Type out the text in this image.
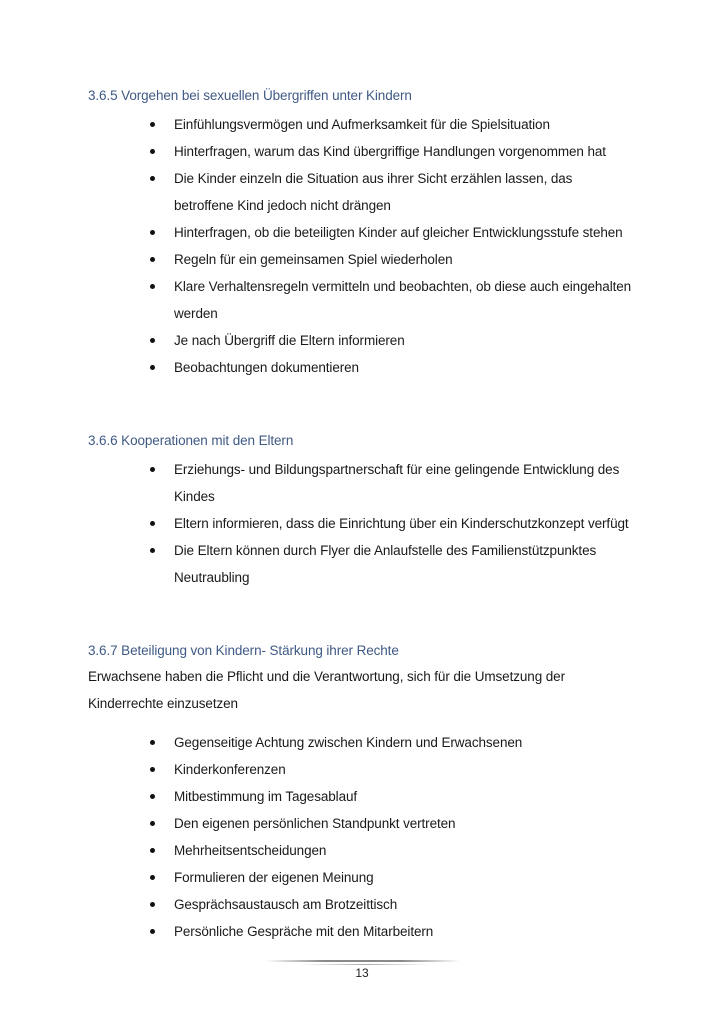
3.6.5 Vorgehen bei sexuellen Übergriffen unter Kindern
Einfühlungsvermögen und Aufmerksamkeit für die Spielsituation
Hinterfragen, warum das Kind übergriffige Handlungen vorgenommen hat
Die Kinder einzeln die Situation aus ihrer Sicht erzählen lassen, das betroffene Kind jedoch nicht drängen
Hinterfragen, ob die beteiligten Kinder auf gleicher Entwicklungsstufe stehen
Regeln für ein gemeinsamen Spiel wiederholen
Klare Verhaltensregeln vermitteln und beobachten, ob diese auch eingehalten werden
Je nach Übergriff die Eltern informieren
Beobachtungen dokumentieren
3.6.6 Kooperationen mit den Eltern
Erziehungs- und Bildungspartnerschaft für eine gelingende Entwicklung des Kindes
Eltern informieren, dass die Einrichtung über ein Kinderschutzkonzept verfügt
Die Eltern können durch Flyer die Anlaufstelle des Familienstützpunktes Neutraubling
3.6.7 Beteiligung von Kindern- Stärkung ihrer Rechte
Erwachsene haben die Pflicht und die Verantwortung, sich für die Umsetzung der Kinderrechte einzusetzen
Gegenseitige Achtung zwischen Kindern und Erwachsenen
Kinderkonferenzen
Mitbestimmung im Tagesablauf
Den eigenen persönlichen Standpunkt vertreten
Mehrheitsentscheidungen
Formulieren der eigenen Meinung
Gesprächsaustausch am Brotzeittisch
Persönliche Gespräche mit den Mitarbeitern
13
